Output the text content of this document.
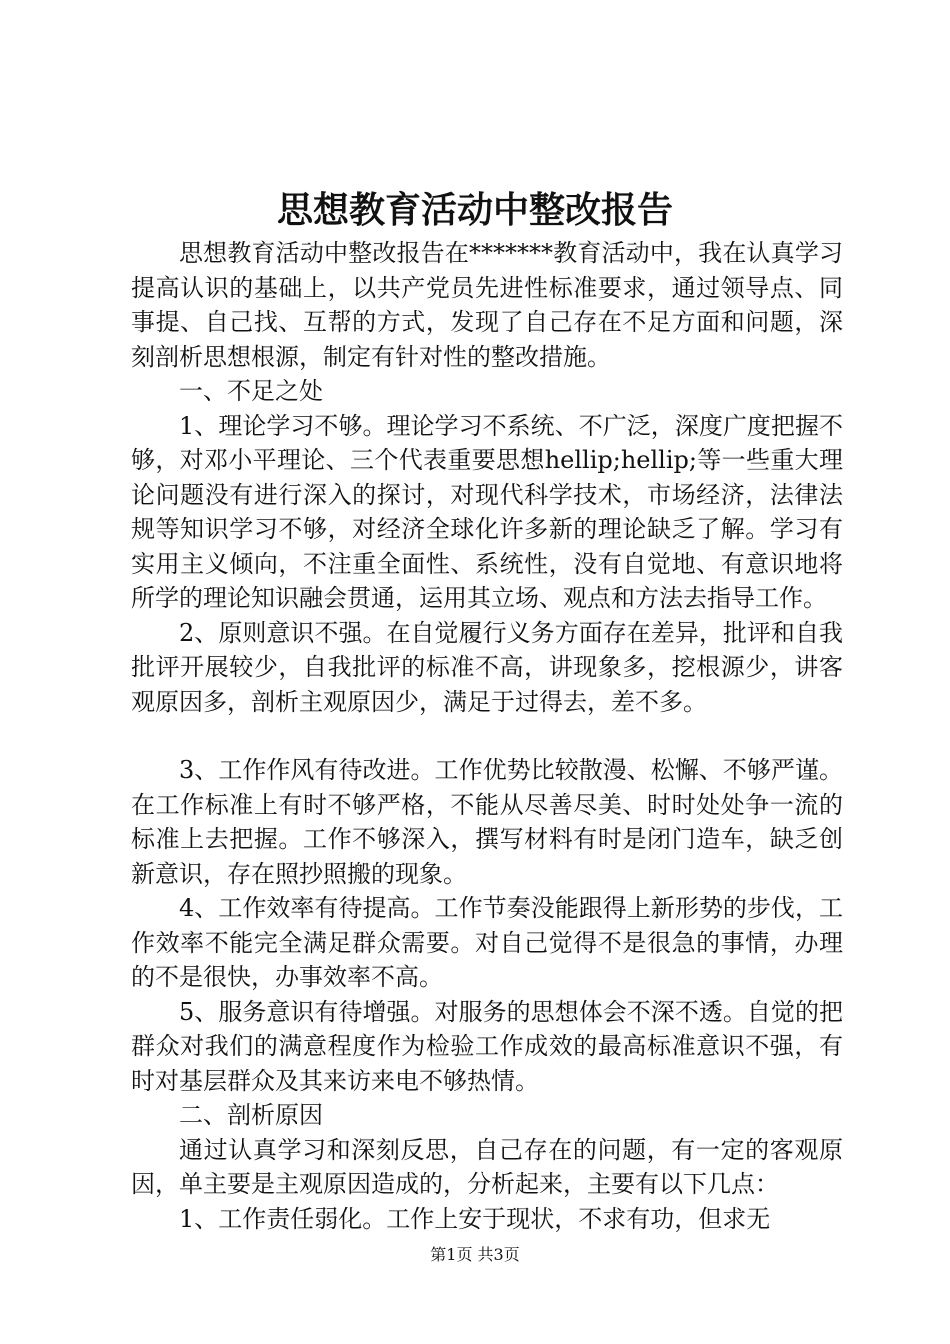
思想教育活动中整改报告

思想教育活动中整改报告在*******教育活动中，我在认真学习提高认识的基础上，以共产党员先进性标准要求，通过领导点、同事提、自己找、互帮的方式，发现了自己存在不足方面和问题，深刻剖析思想根源，制定有针对性的整改措施。

一、不足之处

1、理论学习不够。理论学习不系统、不广泛，深度广度把握不够，对邓小平理论、三个代表重要思想hellip;hellip;等一些重大理论问题没有进行深入的探讨，对现代科学技术，市场经济，法律法规等知识学习不够，对经济全球化许多新的理论缺乏了解。学习有实用主义倾向，不注重全面性、系统性，没有自觉地、有意识地将所学的理论知识融会贯通，运用其立场、观点和方法去指导工作。

2、原则意识不强。在自觉履行义务方面存在差异，批评和自我批评开展较少，自我批评的标准不高，讲现象多，挖根源少，讲客观原因多，剖析主观原因少，满足于过得去，差不多。

3、工作作风有待改进。工作优势比较散漫、松懈、不够严谨。在工作标准上有时不够严格，不能从尽善尽美、时时处处争一流的标准上去把握。工作不够深入，撰写材料有时是闭门造车，缺乏创新意识，存在照抄照搬的现象。

4、工作效率有待提高。工作节奏没能跟得上新形势的步伐，工作效率不能完全满足群众需要。对自己觉得不是很急的事情，办理的不是很快，办事效率不高。

5、服务意识有待增强。对服务的思想体会不深不透。自觉的把群众对我们的满意程度作为检验工作成效的最高标准意识不强，有时对基层群众及其来访来电不够热情。

二、剖析原因

通过认真学习和深刻反思，自己存在的问题，有一定的客观原因，单主要是主观原因造成的，分析起来，主要有以下几点：

1、工作责任弱化。工作上安于现状，不求有功，但求无

第1页 共3页
